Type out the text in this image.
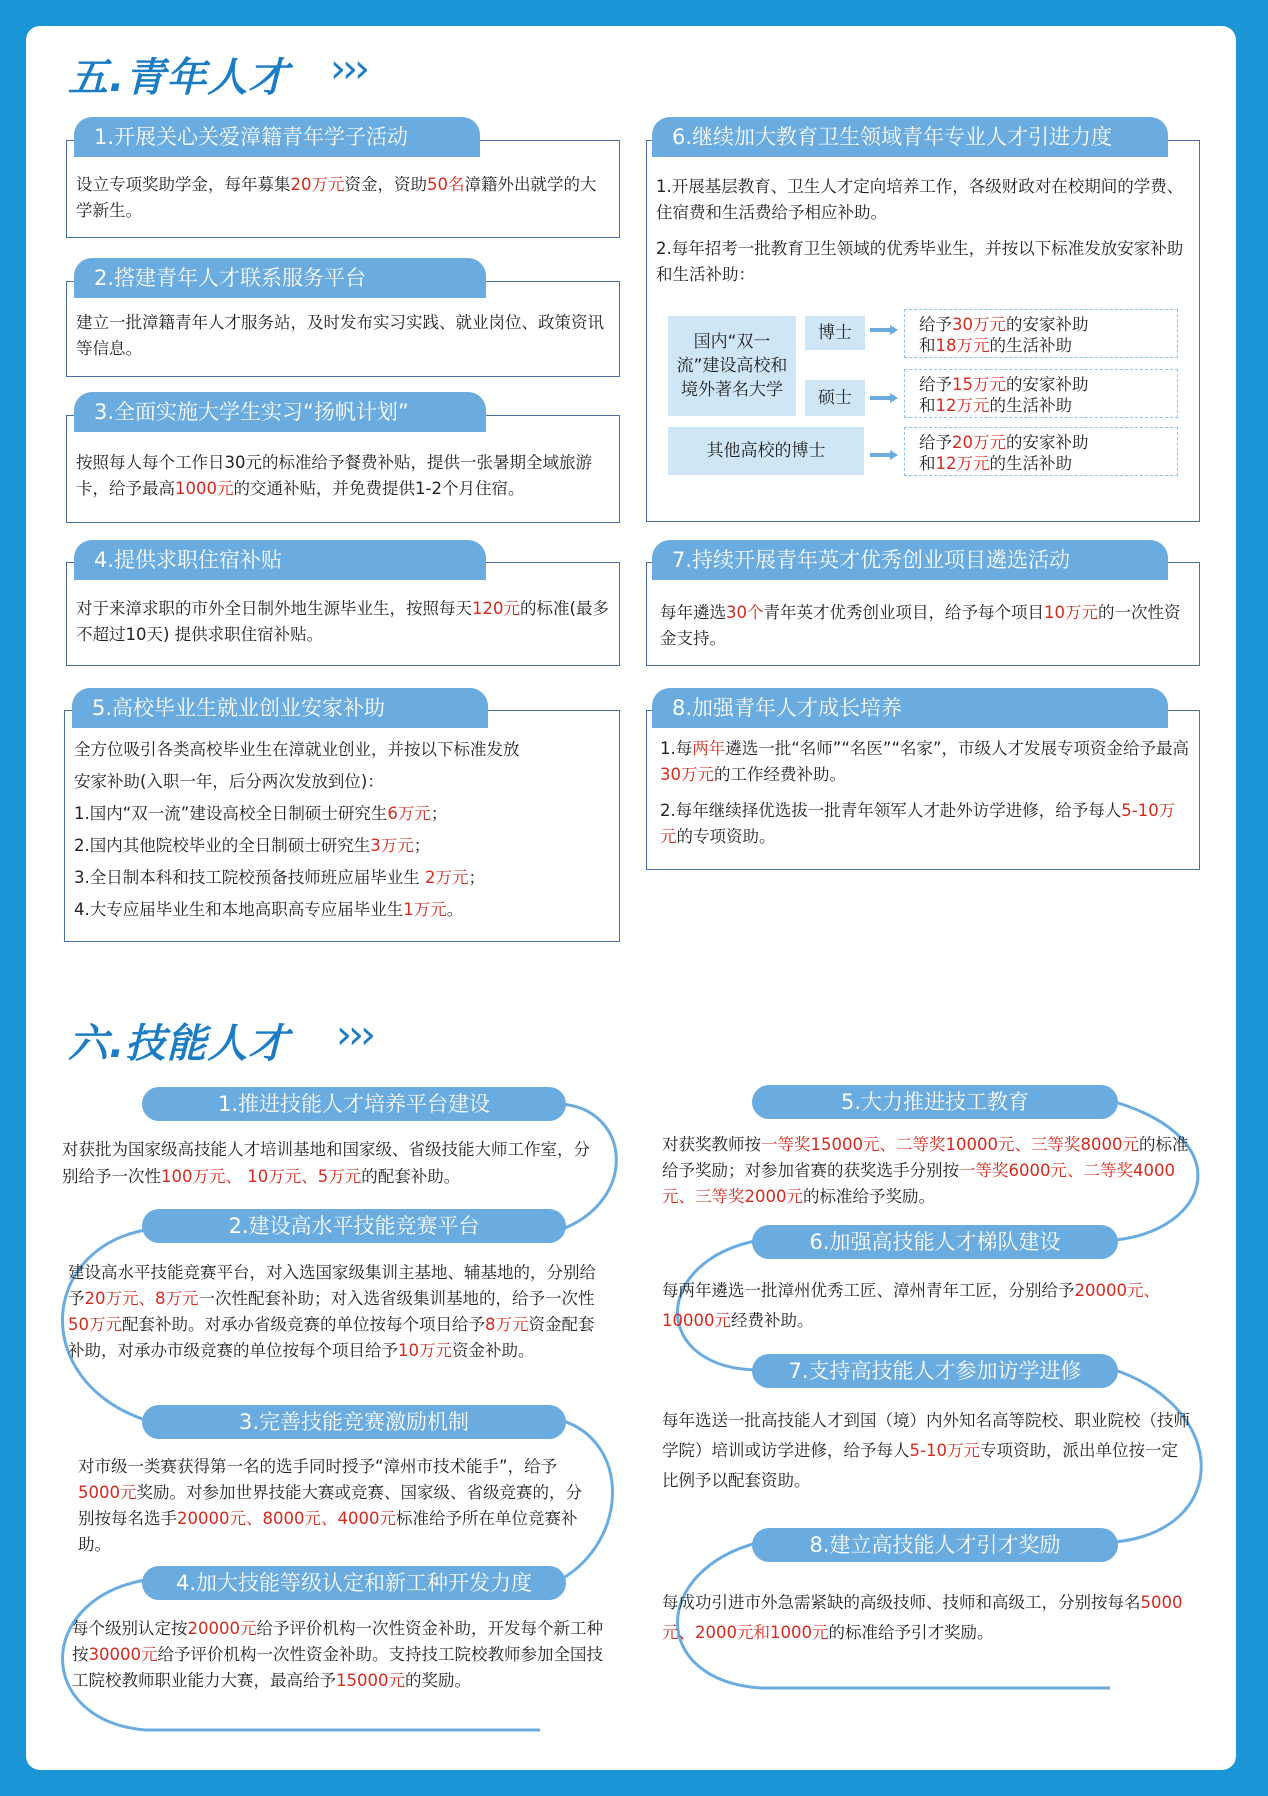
五.青年人才 ›››
1.开展关心关爱漳籍青年学子活动
设立专项奖助学金，每年募集20万元资金，资助50名漳籍外出就学的大学新生。
2.搭建青年人才联系服务平台
建立一批漳籍青年人才服务站，及时发布实习实践、就业岗位、政策资讯等信息。
3.全面实施大学生实习“扬帆计划”
按照每人每个工作日30元的标准给予餐费补贴，提供一张暑期全域旅游卡，给予最高1000元的交通补贴，并免费提供1-2个月住宿。
4.提供求职住宿补贴
对于来漳求职的市外全日制外地生源毕业生，按照每天120元的标准(最多不超过10天) 提供求职住宿补贴。
5.高校毕业生就业创业安家补助
全方位吸引各类高校毕业生在漳就业创业，并按以下标准发放
安家补助(入职一年，后分两次发放到位)：
1.国内“双一流”建设高校全日制硕士研究生6万元；
2.国内其他院校毕业的全日制硕士研究生3万元；
3.全日制本科和技工院校预备技师班应届毕业生 2万元；
4.大专应届毕业生和本地高职高专应届毕业生1万元。
6.继续加大教育卫生领域青年专业人才引进力度
1.开展基层教育、卫生人才定向培养工作，各级财政对在校期间的学费、住宿费和生活费给予相应补助。
2.每年招考一批教育卫生领域的优秀毕业生，并按以下标准发放安家补助和生活补助：
国内“双一流”建设高校和境外著名大学
其他高校的博士
博士
硕士
给予30万元的安家补助
和18万元的生活补助
给予15万元的安家补助
和12万元的生活补助
给予20万元的安家补助
和12万元的生活补助
7.持续开展青年英才优秀创业项目遴选活动
每年遴选30个青年英才优秀创业项目，给予每个项目10万元的一次性资金支持。
8.加强青年人才成长培养
1.每两年遴选一批“名师”“名医”“名家”，市级人才发展专项资金给予最高30万元的工作经费补助。
2.每年继续择优选拔一批青年领军人才赴外访学进修，给予每人5-10万元的专项资助。
六.技能人才 ›››
1.推进技能人才培养平台建设
对获批为国家级高技能人才培训基地和国家级、省级技能大师工作室，分别给予一次性100万元、 10万元、5万元的配套补助。
2.建设高水平技能竞赛平台
建设高水平技能竞赛平台，对入选国家级集训主基地、辅基地的，分别给予20万元、8万元一次性配套补助；对入选省级集训基地的，给予一次性50万元配套补助。对承办省级竞赛的单位按每个项目给予8万元资金配套补助，对承办市级竞赛的单位按每个项目给予10万元资金补助。
3.完善技能竞赛激励机制
对市级一类赛获得第一名的选手同时授予“漳州市技术能手”，给予5000元奖励。对参加世界技能大赛或竞赛、国家级、省级竞赛的，分别按每名选手20000元、8000元、4000元标准给予所在单位竞赛补助。
4.加大技能等级认定和新工种开发力度
每个级别认定按20000元给予评价机构一次性资金补助，开发每个新工种按30000元给予评价机构一次性资金补助。支持技工院校教师参加全国技工院校教师职业能力大赛，最高给予15000元的奖励。
5.大力推进技工教育
对获奖教师按一等奖15000元、二等奖10000元、三等奖8000元的标准给予奖励；对参加省赛的获奖选手分别按一等奖6000元、二等奖4000元、三等奖2000元的标准给予奖励。
6.加强高技能人才梯队建设
每两年遴选一批漳州优秀工匠、漳州青年工匠，分别给予20000元、10000元经费补助。
7.支持高技能人才参加访学进修
每年选送一批高技能人才到国（境）内外知名高等院校、职业院校（技师学院）培训或访学进修，给予每人5-10万元专项资助，派出单位按一定比例予以配套资助。
8.建立高技能人才引才奖励
每成功引进市外急需紧缺的高级技师、技师和高级工，分别按每名5000元、2000元和1000元的标准给予引才奖励。
